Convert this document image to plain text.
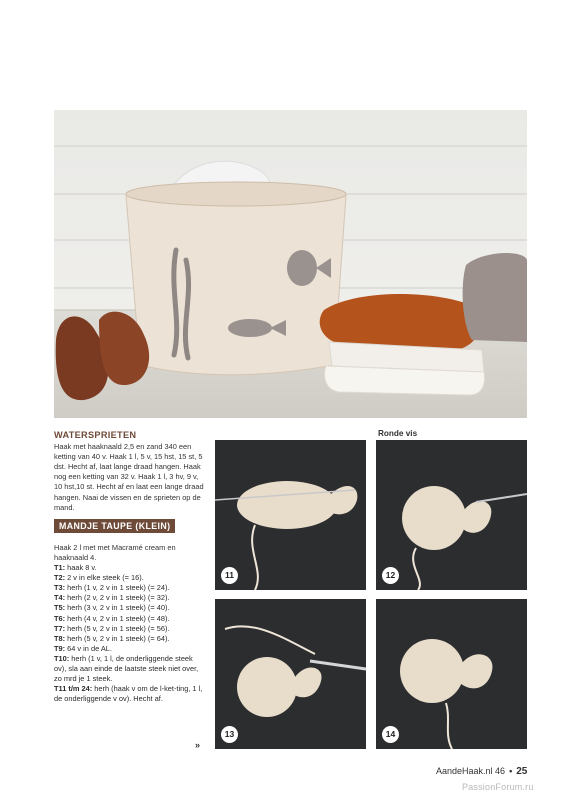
WATERSPRIETEN
Haak met haaknaald 2,5 en zand 340 een ketting van 40 v. Haak 1 l, 5 v, 15 hst, 15 st, 5 dst. Hecht af, laat lange draad hangen. Haak nog een ketting van 32 v. Haak 1 l, 3 hv, 9 v, 10 hst,10 st. Hecht af en laat een lange draad hangen. Naai de vissen en de sprieten op de mand.
MANDJE TAUPE (KLEIN)
Haak 2 l met met Macramé cream en haaknaald 4.
T1: haak 8 v.
T2: 2 v in elke steek (= 16).
T3: herh (1 v, 2 v in 1 steek) (= 24).
T4: herh (2 v, 2 v in 1 steek) (= 32).
T5: herh (3 v, 2 v in 1 steek) (= 40).
T6: herh (4 v, 2 v in 1 steek) (= 48).
T7: herh (5 v, 2 v in 1 steek) (= 56).
T8: herh (5 v, 2 v in 1 steek) (= 64).
T9: 64 v in de AL.
T10: herh (1 v, 1 l, de onderliggende steek ov), sla aan einde de laatste steek niet over, zo mrd je 1 steek.
T11 t/m 24: herh (haak v om de l-ket-ting, 1 l, de onderliggende v ov). Hecht af.
»
Ronde vis
11	12
13	14
AandeHaak.nl 46 • 25
PassionForum.ru
